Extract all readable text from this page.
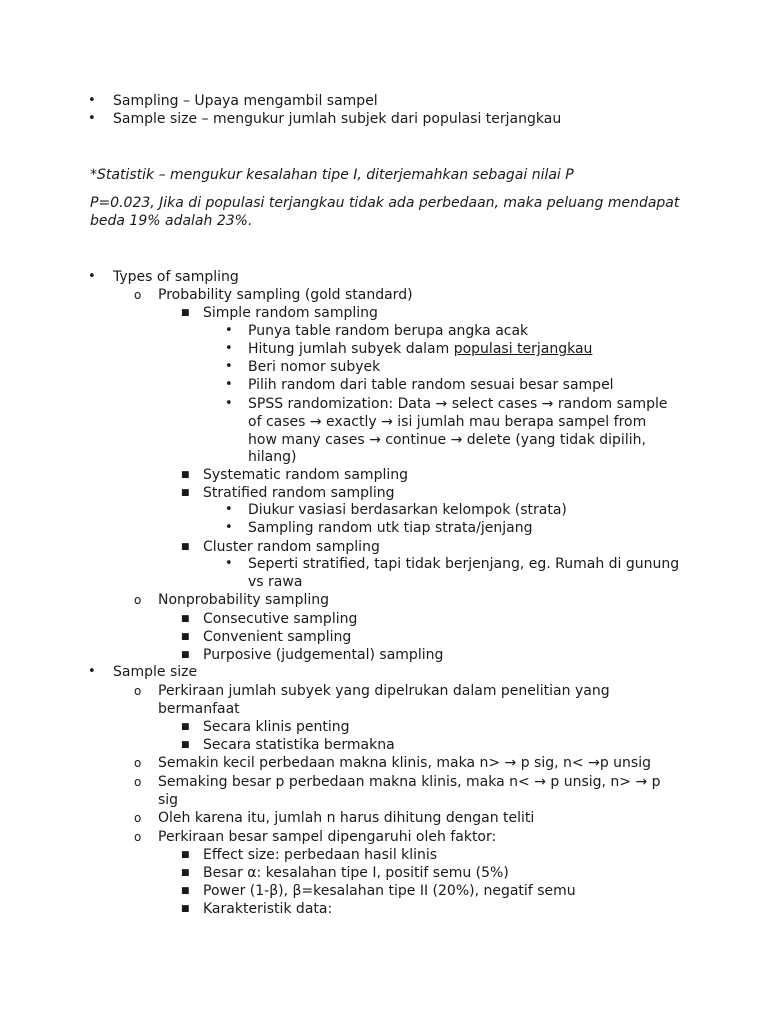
• Sampling – Upaya mengambil sampel
• Sample size – mengukur jumlah subjek dari populasi terjangkau
*Statistik – mengukur kesalahan tipe I, diterjemahkan sebagai nilai P
P=0.023, Jika di populasi terjangkau tidak ada perbedaan, maka peluang mendapat
beda 19% adalah 23%.
• Types of sampling
o Probability sampling (gold standard)
■ Simple random sampling
• Punya table random berupa angka acak
• Hitung jumlah subyek dalam populasi terjangkau
• Beri nomor subyek
• Pilih random dari table random sesuai besar sampel
• SPSS randomization: Data → select cases → random sample
of cases → exactly → isi jumlah mau berapa sampel from
how many cases → continue → delete (yang tidak dipilih,
hilang)
■ Systematic random sampling
■ Stratified random sampling
• Diukur vasiasi berdasarkan kelompok (strata)
• Sampling random utk tiap strata/jenjang
■ Cluster random sampling
• Seperti stratified, tapi tidak berjenjang, eg. Rumah di gunung
vs rawa
o Nonprobability sampling
■ Consecutive sampling
■ Convenient sampling
■ Purposive (judgemental) sampling
• Sample size
o Perkiraan jumlah subyek yang dipelrukan dalam penelitian yang
bermanfaat
■ Secara klinis penting
■ Secara statistika bermakna
o Semakin kecil perbedaan makna klinis, maka n> → p sig, n< →p unsig
o Semaking besar p perbedaan makna klinis, maka n< → p unsig, n> → p
sig
o Oleh karena itu, jumlah n harus dihitung dengan teliti
o Perkiraan besar sampel dipengaruhi oleh faktor:
■ Effect size: perbedaan hasil klinis
■ Besar α: kesalahan tipe I, positif semu (5%)
■ Power (1-β), β=kesalahan tipe II (20%), negatif semu
■ Karakteristik data:
